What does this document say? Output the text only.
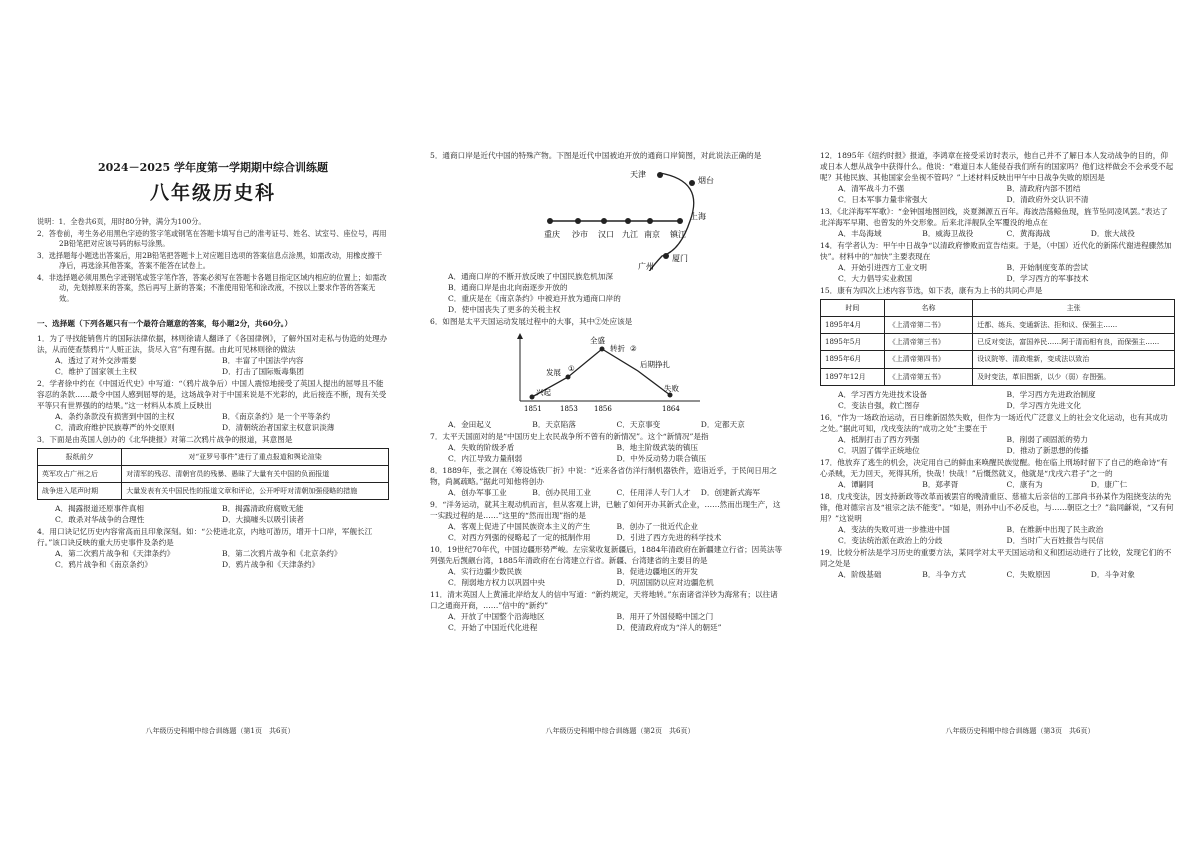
2024－2025 学年度第一学期期中综合训练题
八年级历史科
说明：1．全卷共6页，用时80分钟，满分为100分。
2．答卷前，考生务必用黑色字迹的签字笔或钢笔在答题卡填写自己的准考证号、姓名、试室号、座位号，再用2B铅笔把对应该号码的标号涂黑。
3．选择题每小题选出答案后，用2B铅笔把答题卡上对应题目选项的答案信息点涂黑，如需改动，用橡皮擦干净后，再选涂其他答案，答案不能答在试卷上。
4．非选择题必须用黑色字迹钢笔或签字笔作答，答案必须写在答题卡各题目指定区域内相应的位置上；如需改动，先划掉原来的答案，然后再写上新的答案；不准使用铅笔和涂改液，不按以上要求作答的答案无效。
一、选择题（下列各题只有一个最符合题意的答案，每小题2分，共60分。）
1．为了寻找能销售片的国际法律依据，林则徐请人翻译了《各国律例》，了解外国对走私与伪造的处理办法，从而使查禁鸦片“人赃正法，货尽入官”有理有据。由此可见林则徐的做法
A．透过了对外交涉需要	B．丰富了中国法学内容
C．维护了国家领土主权	D．打击了国际贩毒集团
2．学者徐中约在《中国近代史》中写道：“（鸦片战争后）中国人震惊地接受了英国人提出的屈辱且不能容忍的条款……最令中国人感到屈辱的是，这场战争对于中国来说是不光彩的，此后接连不断，现有关受平等只有世界强的的结果。”这一材料从本质上反映出
A．条约条款没有损害到中国的主权	B．《南京条约》是一个平等条约
C．清政府维护民族尊严的外交原则	D．清朝统治者国家主权意识淡薄
3．下面是由英国人创办的《北华捷报》对第二次鸦片战争的报道，其意图是
报纸前夕	对“亚罗号事件”进行了重点报道和舆论渲染
英军攻占广州之后	对清军的残忍、清朝官员的残暴、愚昧了大量有关中国的负面报道
战争进入尾声时期	大量发表有关中国民性的报道文章和评论，公开呼吁对清朝加强侵略的措施
A．揭露报道还原事件真相	B．揭露清政府腐败无能
C．敢杀对华战争的合理性	D．大搞噱头以吸引读者
4．用口诀记忆历史内容常高而且印象深刻。如：“公使进北京，内地可游历，增开十口岸，军舰长江行。”该口诀反映的重大历史事件及条约是
A．第二次鸦片战争和《天津条约》	B．第二次鸦片战争和《北京条约》
C．鸦片战争和《南京条约》	D．鸦片战争和《天津条约》
八年级历史科期中综合训练题（第1页　共6页）
5．通商口岸是近代中国的特殊产物。下图是近代中国被迫开放的通商口岸简图，对此说法正确的是
天津
烟台
上海
重庆 沙市 汉口 九江 南京 镇江
厦门
广州
A．通商口岸的不断开放反映了中国民族危机加深
B．通商口岸是由北向南逐步开放的
C．重庆是在《南京条约》中被迫开放为通商口岸的
D．使中国丧失了更多的关税主权
6．如图是太平天国运动发展过程中的大事，其中②处应该是
全盛
转折 ②
发展 ①	后期挣扎
失败
兴起
1851	1853 1856	1864
A．金田起义	B．天京陷落	C．天京事变	D．定都天京
7．太平天国面对的是“中国历史上农民战争所不曾有的新情况”。这个“新情况”是指
A．失败的阶级矛盾	B．地主阶级武装的镇压
C．内江导致力量削弱	D．中外反动势力联合镇压
8．1889年，张之洞在《筹设炼铁厂折》中说：“近来各省仿洋行制机器铁件，造诣近乎，于民间日用之物，尚属疏略。”据此可知他将创办
A．创办军事工业	B．创办民用工业	C．任用洋人专门人才	D．创建新式海军
9．“洋务运动，就其主观动机而言，但从客观上讲，已触了如何开办其新式企业，……然而出现生产，这一实践过程的是……”这里的“然而出现”指的是
A．客观上促进了中国民族资本主义的产生	B．创办了一批近代企业
C．对西方列强的侵略起了一定的抵制作用	D．引进了西方先进的科学技术
10．19世纪70年代，中国边疆形势严峻。左宗棠收复新疆后，1884年清政府在新疆建立行省；因英法等列强先后觊觎台湾，1885年清政府在台湾建立行省。新疆、台湾建省的主要目的是
A．实行边疆少数民族	B．促进边疆地区的开发
C．削弱地方权力以巩固中央	D．巩固国防以应对边疆危机
11．清末英国人上黄浦北岸给友人的信中写道：“新约规定，天将地转。”东南诸省洋钞为海常有；以往诸口之通商开商，……”信中的“新约”
A．开放了中国整个沿海地区	B．用开了外国侵略中国之门
C．开始了中国近代化进程	D．使清政府成为“洋人的朝廷”
八年级历史科期中综合训练题（第2页　共6页）
12．1895年《纽约时报》报道，李鸿章在接受采访时表示，他自己并不了解日本人发动战争的目的，仰或日本人想从战争中获得什么。他说：“难道日本人能侵吞我们所有的国家吗？他们这样做会不会承受不起呢？其他民族、其他国家会坐视不管吗？”上述材料反映出甲午中日战争失败的原因是
A．清军战斗力不强	B．清政府内部不团结
C．日本军事力量非常强大	D．清政府外交认识不清
13．《北洋海军军歌》：“金钟国地图回线，炎夏渊源五百年。海波浩荡鲸鱼现，旌节坠同凌风罢。”表达了北洋海军早期、也曾发的外交形象。后来北洋舰队全军覆没的地点在
A．丰岛海域	B．威海卫战役	C．黄海海战	D．旅大战役
14．有学者认为：甲午中日战争“以清政府惨败而宣告结束。于是，（中国）近代化的新陈代谢进程骤然加快”。材料中的“加快”主要表现在
A．开始引进西方工业文明	B．开始制度变革的尝试
C．大力倡导实业救国	D．学习西方的军事技术
15．康有为四次上述内容节选，如下表，康有为上书的共同心声是
时间	名称	主张
1895年4月	《上清帝第二书》	迁都、练兵、变通新法、拒和议、保强主……
1895年5月	《上清帝第三书》	已反对变法，富国养民……阿于清而相有良，而保强主……
1895年6月	《上清帝第四书》	设议院等、清政维新，变成法以致治
1897年12月	《上清帝第五书》	及时变法，革旧图新，以少（弱）存图强。
A．学习西方先进技术设备	B．学习西方先进政治制度
C．变法自强，救亡图存	D．学习西方先进文化
16．“作为一场政治运动，百日维新固然失败，但作为一场近代广泛意义上的社会文化运动，也有其成功之处。”据此可知，戊戌变法的“成功之处”主要在于
A．抵制打击了西方列强	B．削弱了顽固派的势力
C．巩固了儒学正统地位	D．推动了新思想的传播
17．他放弃了逃生的机会，决定用自己的鲜血来唤醒民族觉醒。他在临上刑场时留下了自己的绝命诗“有心杀贼，无力回天，死得其所，快哉！快哉！”后慨然就义，他就是“戊戌六君子”之一的
A．谭嗣同	B．郑孝胥	C．康有为	D．康广仁
18．戊戌变法，因支持新政等改革而被罢官的晚清重臣、慈禧太后亲信的工部尚书孙某作为阻挠变法的先锋，他对德宗言及“祖宗之法不能变”。“如是，则孙中山不必反也，与……朝臣之士？”翁同龢说，“又有何用？”这说明
A．变法的失败可进一步推进中国	B．在维新中出现了民主政治
C．变法统治派在政治上的分歧	D．当时广大百姓报告与民信
19．比较分析法是学习历史的重要方法，某同学对太平天国运动和义和团运动进行了比较，发现它们的不同之处是
A．阶级基础	B．斗争方式	C．失败原因	D．斗争对象
八年级历史科期中综合训练题（第3页　共6页）
